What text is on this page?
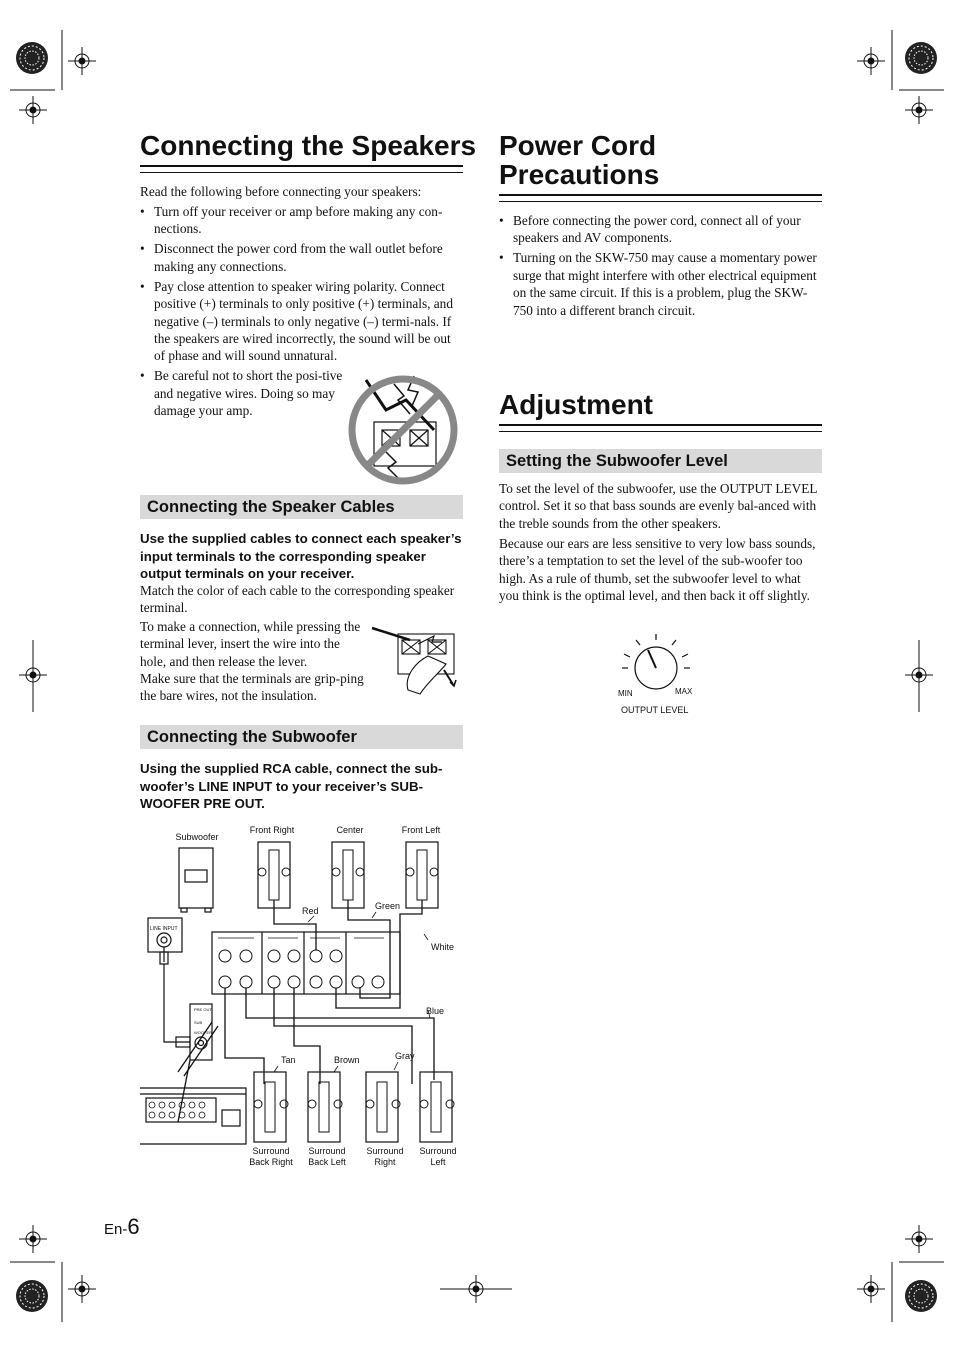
Connecting the Speakers

Read the following before connecting your speakers:

• Turn off your receiver or amp before making any con-nections.
• Disconnect the power cord from the wall outlet before making any connections.
• Pay close attention to speaker wiring polarity. Connect positive (+) terminals to only positive (+) terminals, and negative (–) terminals to only negative (–) termi-nals. If the speakers are wired incorrectly, the sound will be out of phase and will sound unnatural.
• Be careful not to short the posi-tive and negative wires. Doing so may damage your amp.
Connecting the Speaker Cables

Use the supplied cables to connect each speaker’s input terminals to the corresponding speaker output terminals on your receiver.

Match the color of each cable to the corresponding speaker terminal.

To make a connection, while pressing the terminal lever, insert the wire into the hole, and then release the lever.

Make sure that the terminals are grip-ping the bare wires, not the insulation.

Connecting the Subwoofer

Using the supplied RCA cable, connect the sub-woofer’s LINE INPUT to your receiver’s SUB-WOOFER PRE OUT.

Subwoofer
Front Right	Center	Front Left
LINE INPUT
PRE OUT
SUB WOOFER
Red	Green
White
Blue
Gray
Tan	Brown
Surround Back Right
Surround Back Left
Surround Right
Surround Left
Power Cord Precautions
• Before connecting the power cord, connect all of your speakers and AV components.
• Turning on the SKW-750 may cause a momentary power surge that might interfere with other electrical equipment on the same circuit. If this is a problem, plug the SKW-750 into a different branch circuit.
Adjustment
Setting the Subwoofer Level

To set the level of the subwoofer, use the OUTPUT LEVEL control. Set it so that bass sounds are evenly bal-anced with the treble sounds from the other speakers.

Because our ears are less sensitive to very low bass sounds, there’s a temptation to set the level of the sub-woofer too high. As a rule of thumb, set the subwoofer level to what you think is the optimal level, and then back it off slightly.

MIN	MAX
OUTPUT LEVEL
En-6
